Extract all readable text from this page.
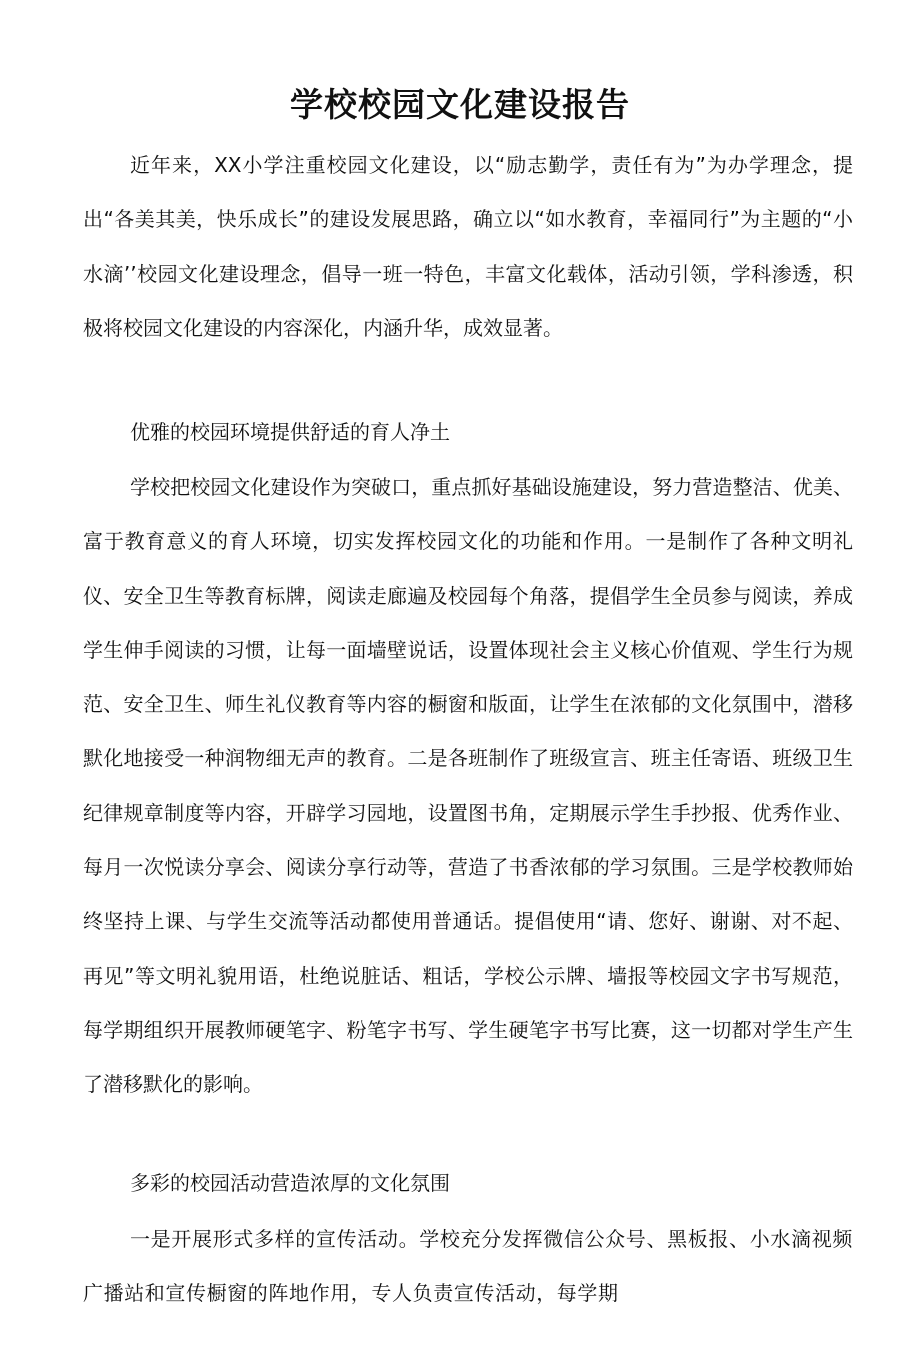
学校校园文化建设报告
近年来，XX小学注重校园文化建设，以“励志勤学，责任有为”为办学理念，提出“各美其美，快乐成长”的建设发展思路，确立以“如水教育，幸福同行”为主题的“小水滴’’校园文化建设理念，倡导一班一特色，丰富文化载体，活动引领，学科渗透，积极将校园文化建设的内容深化，内涵升华，成效显著。
优雅的校园环境提供舒适的育人净土
学校把校园文化建设作为突破口，重点抓好基础设施建设，努力营造整洁、优美、富于教育意义的育人环境，切实发挥校园文化的功能和作用。一是制作了各种文明礼仪、安全卫生等教育标牌，阅读走廊遍及校园每个角落，提倡学生全员参与阅读，养成学生伸手阅读的习惯，让每一面墙壁说话，设置体现社会主义核心价值观、学生行为规范、安全卫生、师生礼仪教育等内容的橱窗和版面，让学生在浓郁的文化氛围中，潜移默化地接受一种润物细无声的教育。二是各班制作了班级宣言、班主任寄语、班级卫生纪律规章制度等内容，开辟学习园地，设置图书角，定期展示学生手抄报、优秀作业、每月一次悦读分享会、阅读分享行动等，营造了书香浓郁的学习氛围。三是学校教师始终坚持上课、与学生交流等活动都使用普通话。提倡使用“请、您好、谢谢、对不起、再见”等文明礼貌用语，杜绝说脏话、粗话，学校公示牌、墙报等校园文字书写规范，每学期组织开展教师硬笔字、粉笔字书写、学生硬笔字书写比赛，这一切都对学生产生了潜移默化的影响。
多彩的校园活动营造浓厚的文化氛围
一是开展形式多样的宣传活动。学校充分发挥微信公众号、黑板报、小水滴视频广播站和宣传橱窗的阵地作用，专人负责宣传活动，每学期
